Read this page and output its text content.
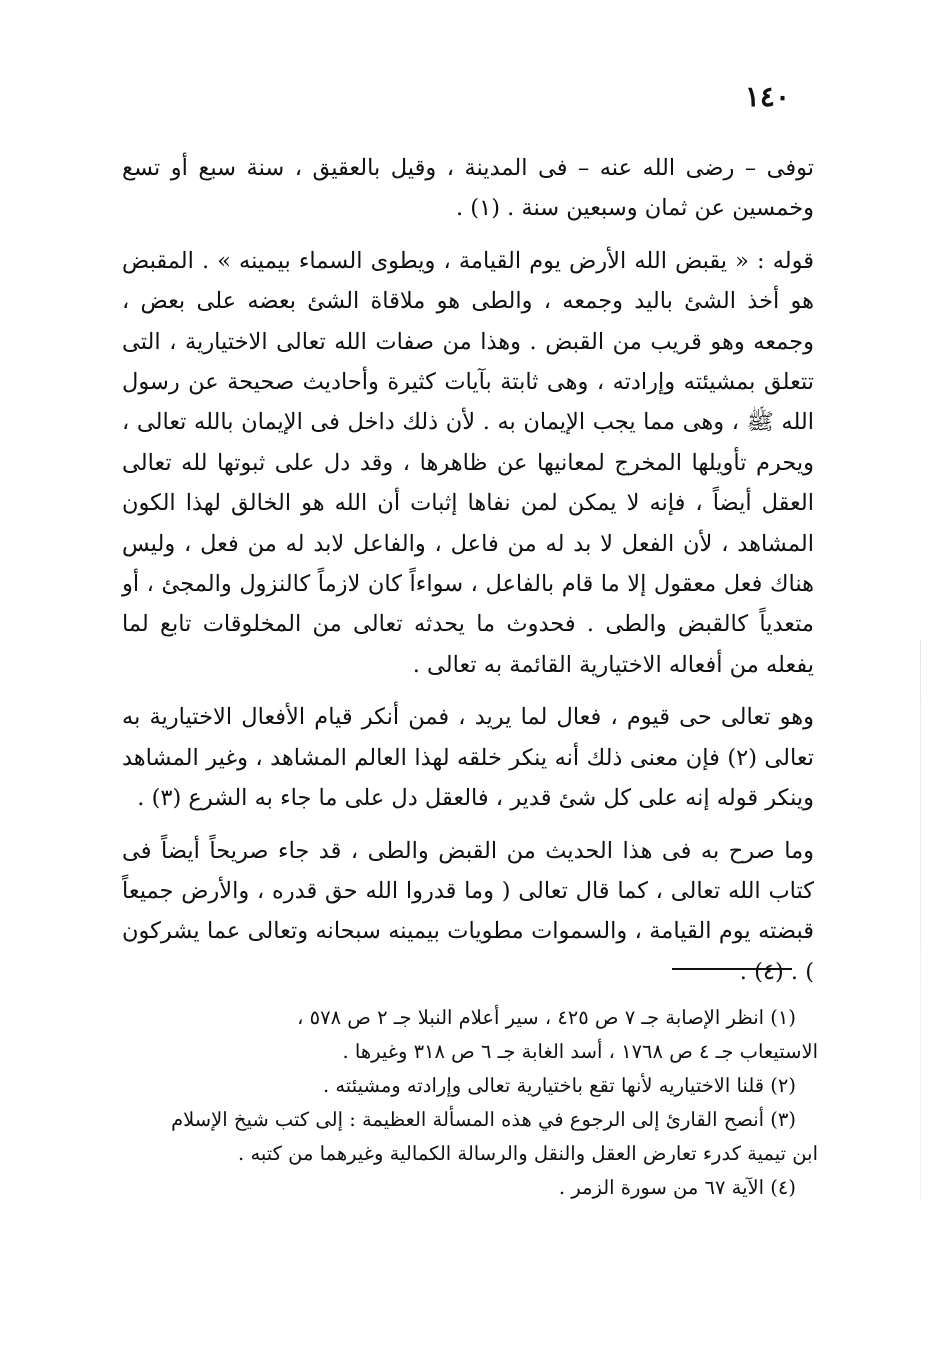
١٤٠

توفى – رضى الله عنه – فى المدينة ، وقيل بالعقيق ، سنة سبع أو تسع وخمسين عن ثمان وسبعين سنة . (١) .

قوله : « يقبض الله الأرض يوم القيامة ، ويطوى السماء بيمينه » . المقبض هو أخذ الشئ باليد وجمعه ، والطى هو ملاقاة الشئ بعضه على بعض ، وجمعه وهو قريب من القبض . وهذا من صفات الله تعالى الاختيارية ، التى تتعلق بمشيئته وإرادته ، وهى ثابتة بآيات كثيرة وأحاديث صحيحة عن رسول الله ﷺ ، وهى مما يجب الإيمان به . لأن ذلك داخل فى الإيمان بالله تعالى ، ويحرم تأويلها المخرج لمعانيها عن ظاهرها ، وقد دل على ثبوتها لله تعالى العقل أيضاً ، فإنه لا يمكن لمن نفاها إثبات أن الله هو الخالق لهذا الكون المشاهد ، لأن الفعل لا بد له من فاعل ، والفاعل لابد له من فعل ، وليس هناك فعل معقول إلا ما قام بالفاعل ، سواءاً كان لازماً كالنزول والمجئ ، أو متعدياً كالقبض والطى . فحدوث ما يحدثه تعالى من المخلوقات تابع لما يفعله من أفعاله الاختيارية القائمة به تعالى .

وهو تعالى حى قيوم ، فعال لما يريد ، فمن أنكر قيام الأفعال الاختيارية به تعالى (٢) فإن معنى ذلك أنه ينكر خلقه لهذا العالم المشاهد ، وغير المشاهد وينكر قوله إنه على كل شئ قدير ، فالعقل دل على ما جاء به الشرع (٣) .

وما صرح به فى هذا الحديث من القبض والطى ، قد جاء صريحاً أيضاً فى كتاب الله تعالى ، كما قال تعالى ( وما قدروا الله حق قدره ، والأرض جميعاً قبضته يوم القيامة ، والسموات مطويات بيمينه سبحانه وتعالى عما يشركون ) . (٤) .

(١) انظر الإصابة جـ ٧ ص ٤٢٥ ، سير أعلام النبلا جـ ٢ ص ٥٧٨ ،

الاستيعاب جـ ٤ ص ١٧٦٨ ، أسد الغابة جـ ٦ ص ٣١٨ وغيرها .

(٢) قلنا الاختياريه لأنها تقع باختيارية تعالى وإرادته ومشيئته .

(٣) أنصح القارئ إلى الرجوع في هذه المسألة العظيمة : إلى كتب شيخ الإسلام

ابن تيمية كدرء تعارض العقل والنقل والرسالة الكمالية وغيرهما من كتبه .

(٤) الآية ٦٧ من سورة الزمر .
